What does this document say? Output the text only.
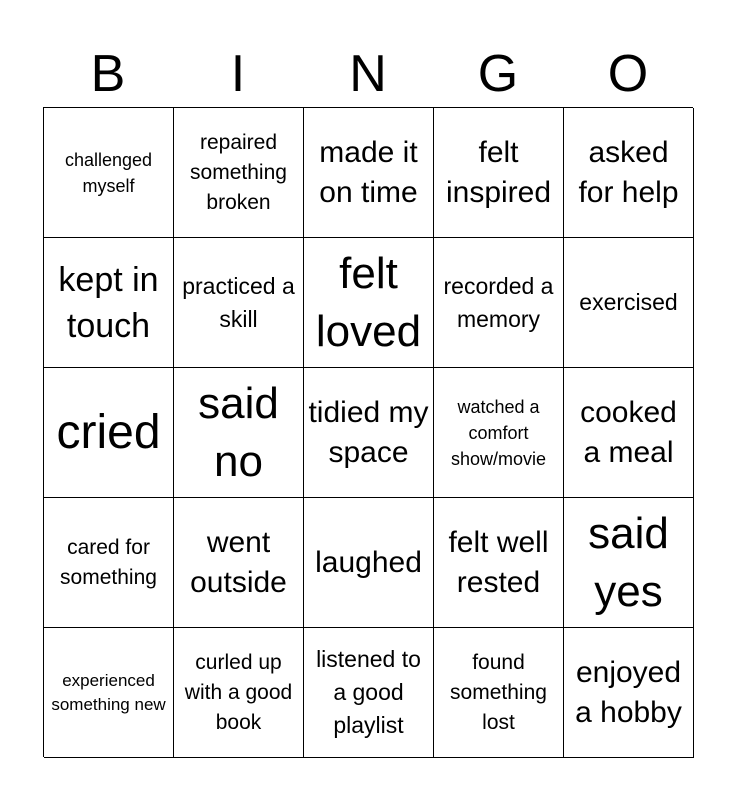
B	I	N	G	O
challenged myself
repaired something broken
made it on time
felt inspired
asked for help
kept in touch
practiced a skill
felt loved
recorded a memory
exercised
cried
said no
tidied my space
watched a comfort show/movie
cooked a meal
cared for something
went outside
laughed
felt well rested
said yes
experienced something new
curled up with a good book
listened to a good playlist
found something lost
enjoyed a hobby
